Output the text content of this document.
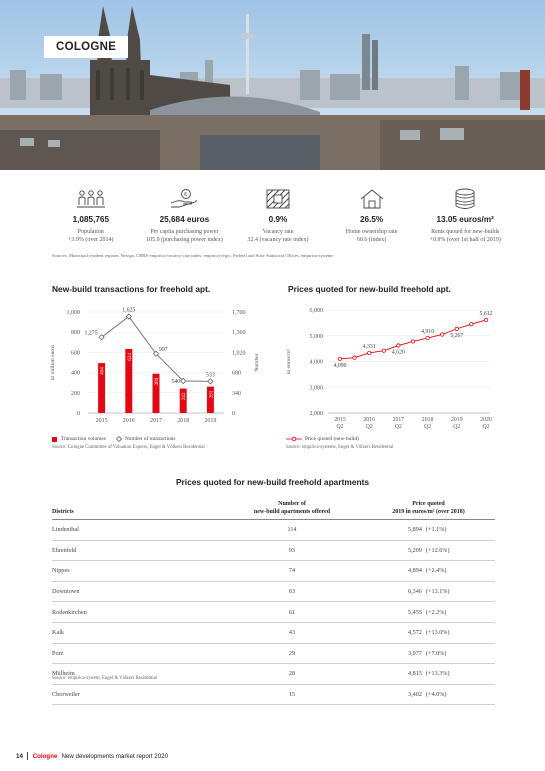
COLOGNE
1,085,765
Population
+3.9% (over 2014)
€
25,684 euros
Per capita purchasing power
105.9 (purchasing power index)
0.9%
Vacancy rate
32.4 (vacancy rate index)
26.5%
Home ownership rate
60.6 (index)
13.05 euros/m²
Rents quoted for new-builds
+0.9% (over 1st half of 2019)
Sources: Municipal resident register, Nexiga, CBRE-empirica vacancy rate index, empirica-regio, Federal and State Statistical Offices, empirica-systeme
New-build transactions for freehold apt.
0
200
400
600
800
1,000
0
340
680
1,020
1,360
1,700
in million euros	Number
494
634
389
242	261
1,275
1,625
997
540
533
2015	2016	2017	2018	2019
Transaction volumes	Number of transactions
Source: Cologne Committee of Valuation Experts, Engel & Völkers Residential
Prices quoted for new-build freehold apt.
2,000
3,000
4,000
5,000
6,000
in euros/m²	4,099
4,331
4,620
4,910
5,267
5,612
2015
Q2
2016
Q2
2017
Q2
2018
Q2
2019
Q2
2020
Q2
Price quoted (new-build)
Source: empirica-systeme, Engel & Völkers Residential
Prices quoted for new-build freehold apartments
Districts	Number of
new-build apartments offered	Price quoted
2019 in euros/m² (over 2018)
Lindenthal	114	5,894 (+1.1%)
Ehrenfeld	93	5,209 (+12.6%)
Nippes	74	4,894 (+2.4%)
Downtown	63	6,346 (+13.1%)
Rodenkirchen	61	5,455 (+2.2%)
Kalk	43	4,572 (+13.0%)
Porz	29	3,977 (+7.0%)
Mülheim	28	4,815 (+13.3%)
Chorweiler	15	3,402 (+4.0%)
Source: empirica-system, Engel & Völkers Residential
14 Cologne New developments market report 2020
